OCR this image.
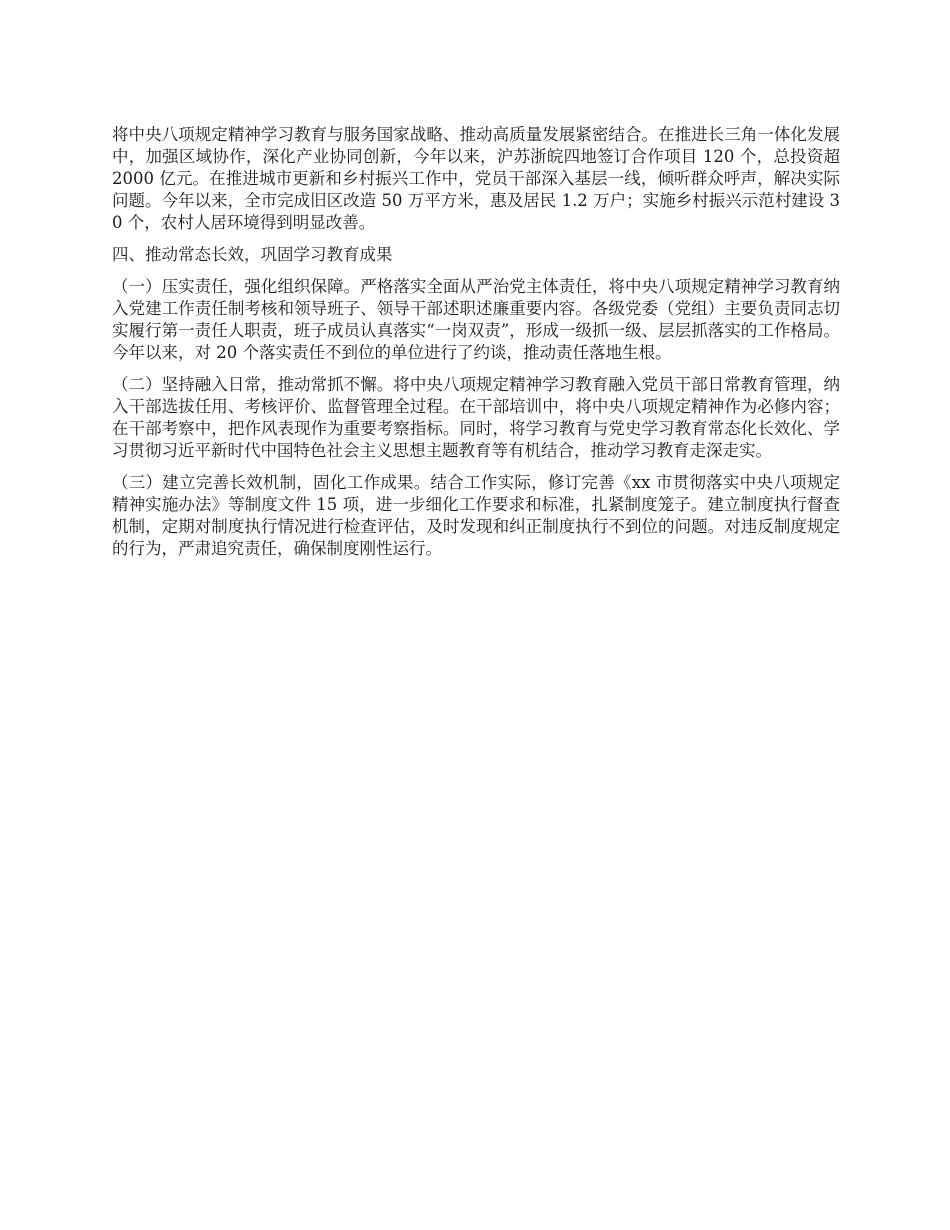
将中央八项规定精神学习教育与服务国家战略、推动高质量发展紧密结合。在推进长三角一体化发展中，加强区域协作，深化产业协同创新，今年以来，沪苏浙皖四地签订合作项目 120 个，总投资超 2000 亿元。在推进城市更新和乡村振兴工作中，党员干部深入基层一线，倾听群众呼声，解决实际问题。今年以来，全市完成旧区改造 50 万平方米，惠及居民 1.2 万户；实施乡村振兴示范村建设 30 个，农村人居环境得到明显改善。

四、推动常态长效，巩固学习教育成果

（一）压实责任，强化组织保障。严格落实全面从严治党主体责任，将中央八项规定精神学习教育纳入党建工作责任制考核和领导班子、领导干部述职述廉重要内容。各级党委（党组）主要负责同志切实履行第一责任人职责，班子成员认真落实“一岗双责”，形成一级抓一级、层层抓落实的工作格局。今年以来，对 20 个落实责任不到位的单位进行了约谈，推动责任落地生根。

（二）坚持融入日常，推动常抓不懈。将中央八项规定精神学习教育融入党员干部日常教育管理，纳入干部选拔任用、考核评价、监督管理全过程。在干部培训中，将中央八项规定精神作为必修内容；在干部考察中，把作风表现作为重要考察指标。同时，将学习教育与党史学习教育常态化长效化、学习贯彻习近平新时代中国特色社会主义思想主题教育等有机结合，推动学习教育走深走实。

（三）建立完善长效机制，固化工作成果。结合工作实际，修订完善《xx 市贯彻落实中央八项规定精神实施办法》等制度文件 15 项，进一步细化工作要求和标准，扎紧制度笼子。建立制度执行督查机制，定期对制度执行情况进行检查评估，及时发现和纠正制度执行不到位的问题。对违反制度规定的行为，严肃追究责任，确保制度刚性运行。
